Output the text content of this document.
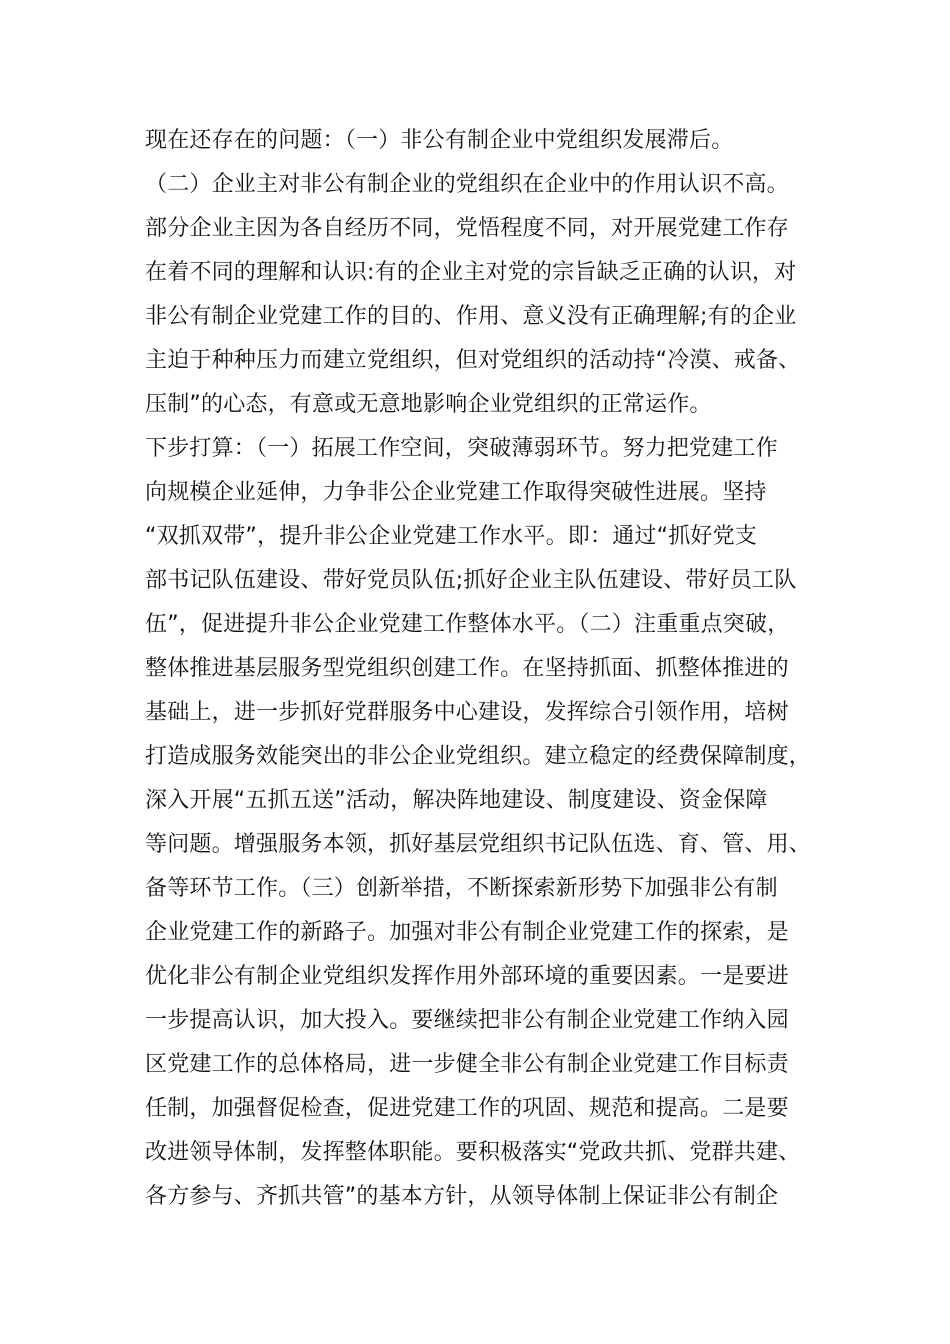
现在还存在的问题：（一）非公有制企业中党组织发展滞后。
（二）企业主对非公有制企业的党组织在企业中的作用认识不高。
部分企业主因为各自经历不同，党悟程度不同，对开展党建工作存
在着不同的理解和认识:有的企业主对党的宗旨缺乏正确的认识，对
非公有制企业党建工作的目的、作用、意义没有正确理解;有的企业
主迫于种种压力而建立党组织，但对党组织的活动持“冷漠、戒备、
压制”的心态，有意或无意地影响企业党组织的正常运作。
下步打算：（一）拓展工作空间，突破薄弱环节。努力把党建工作
向规模企业延伸，力争非公企业党建工作取得突破性进展。坚持
“双抓双带”，提升非公企业党建工作水平。即：通过“抓好党支
部书记队伍建设、带好党员队伍;抓好企业主队伍建设、带好员工队
伍”，促进提升非公企业党建工作整体水平。（二）注重重点突破，
整体推进基层服务型党组织创建工作。在坚持抓面、抓整体推进的
基础上，进一步抓好党群服务中心建设，发挥综合引领作用，培树
打造成服务效能突出的非公企业党组织。建立稳定的经费保障制度，
深入开展“五抓五送”活动，解决阵地建设、制度建设、资金保障
等问题。增强服务本领，抓好基层党组织书记队伍选、育、管、用、
备等环节工作。（三）创新举措，不断探索新形势下加强非公有制
企业党建工作的新路子。加强对非公有制企业党建工作的探索，是
优化非公有制企业党组织发挥作用外部环境的重要因素。一是要进
一步提高认识，加大投入。要继续把非公有制企业党建工作纳入园
区党建工作的总体格局，进一步健全非公有制企业党建工作目标责
任制，加强督促检查，促进党建工作的巩固、规范和提高。二是要
改进领导体制，发挥整体职能。要积极落实“党政共抓、党群共建、
各方参与、齐抓共管”的基本方针，从领导体制上保证非公有制企
